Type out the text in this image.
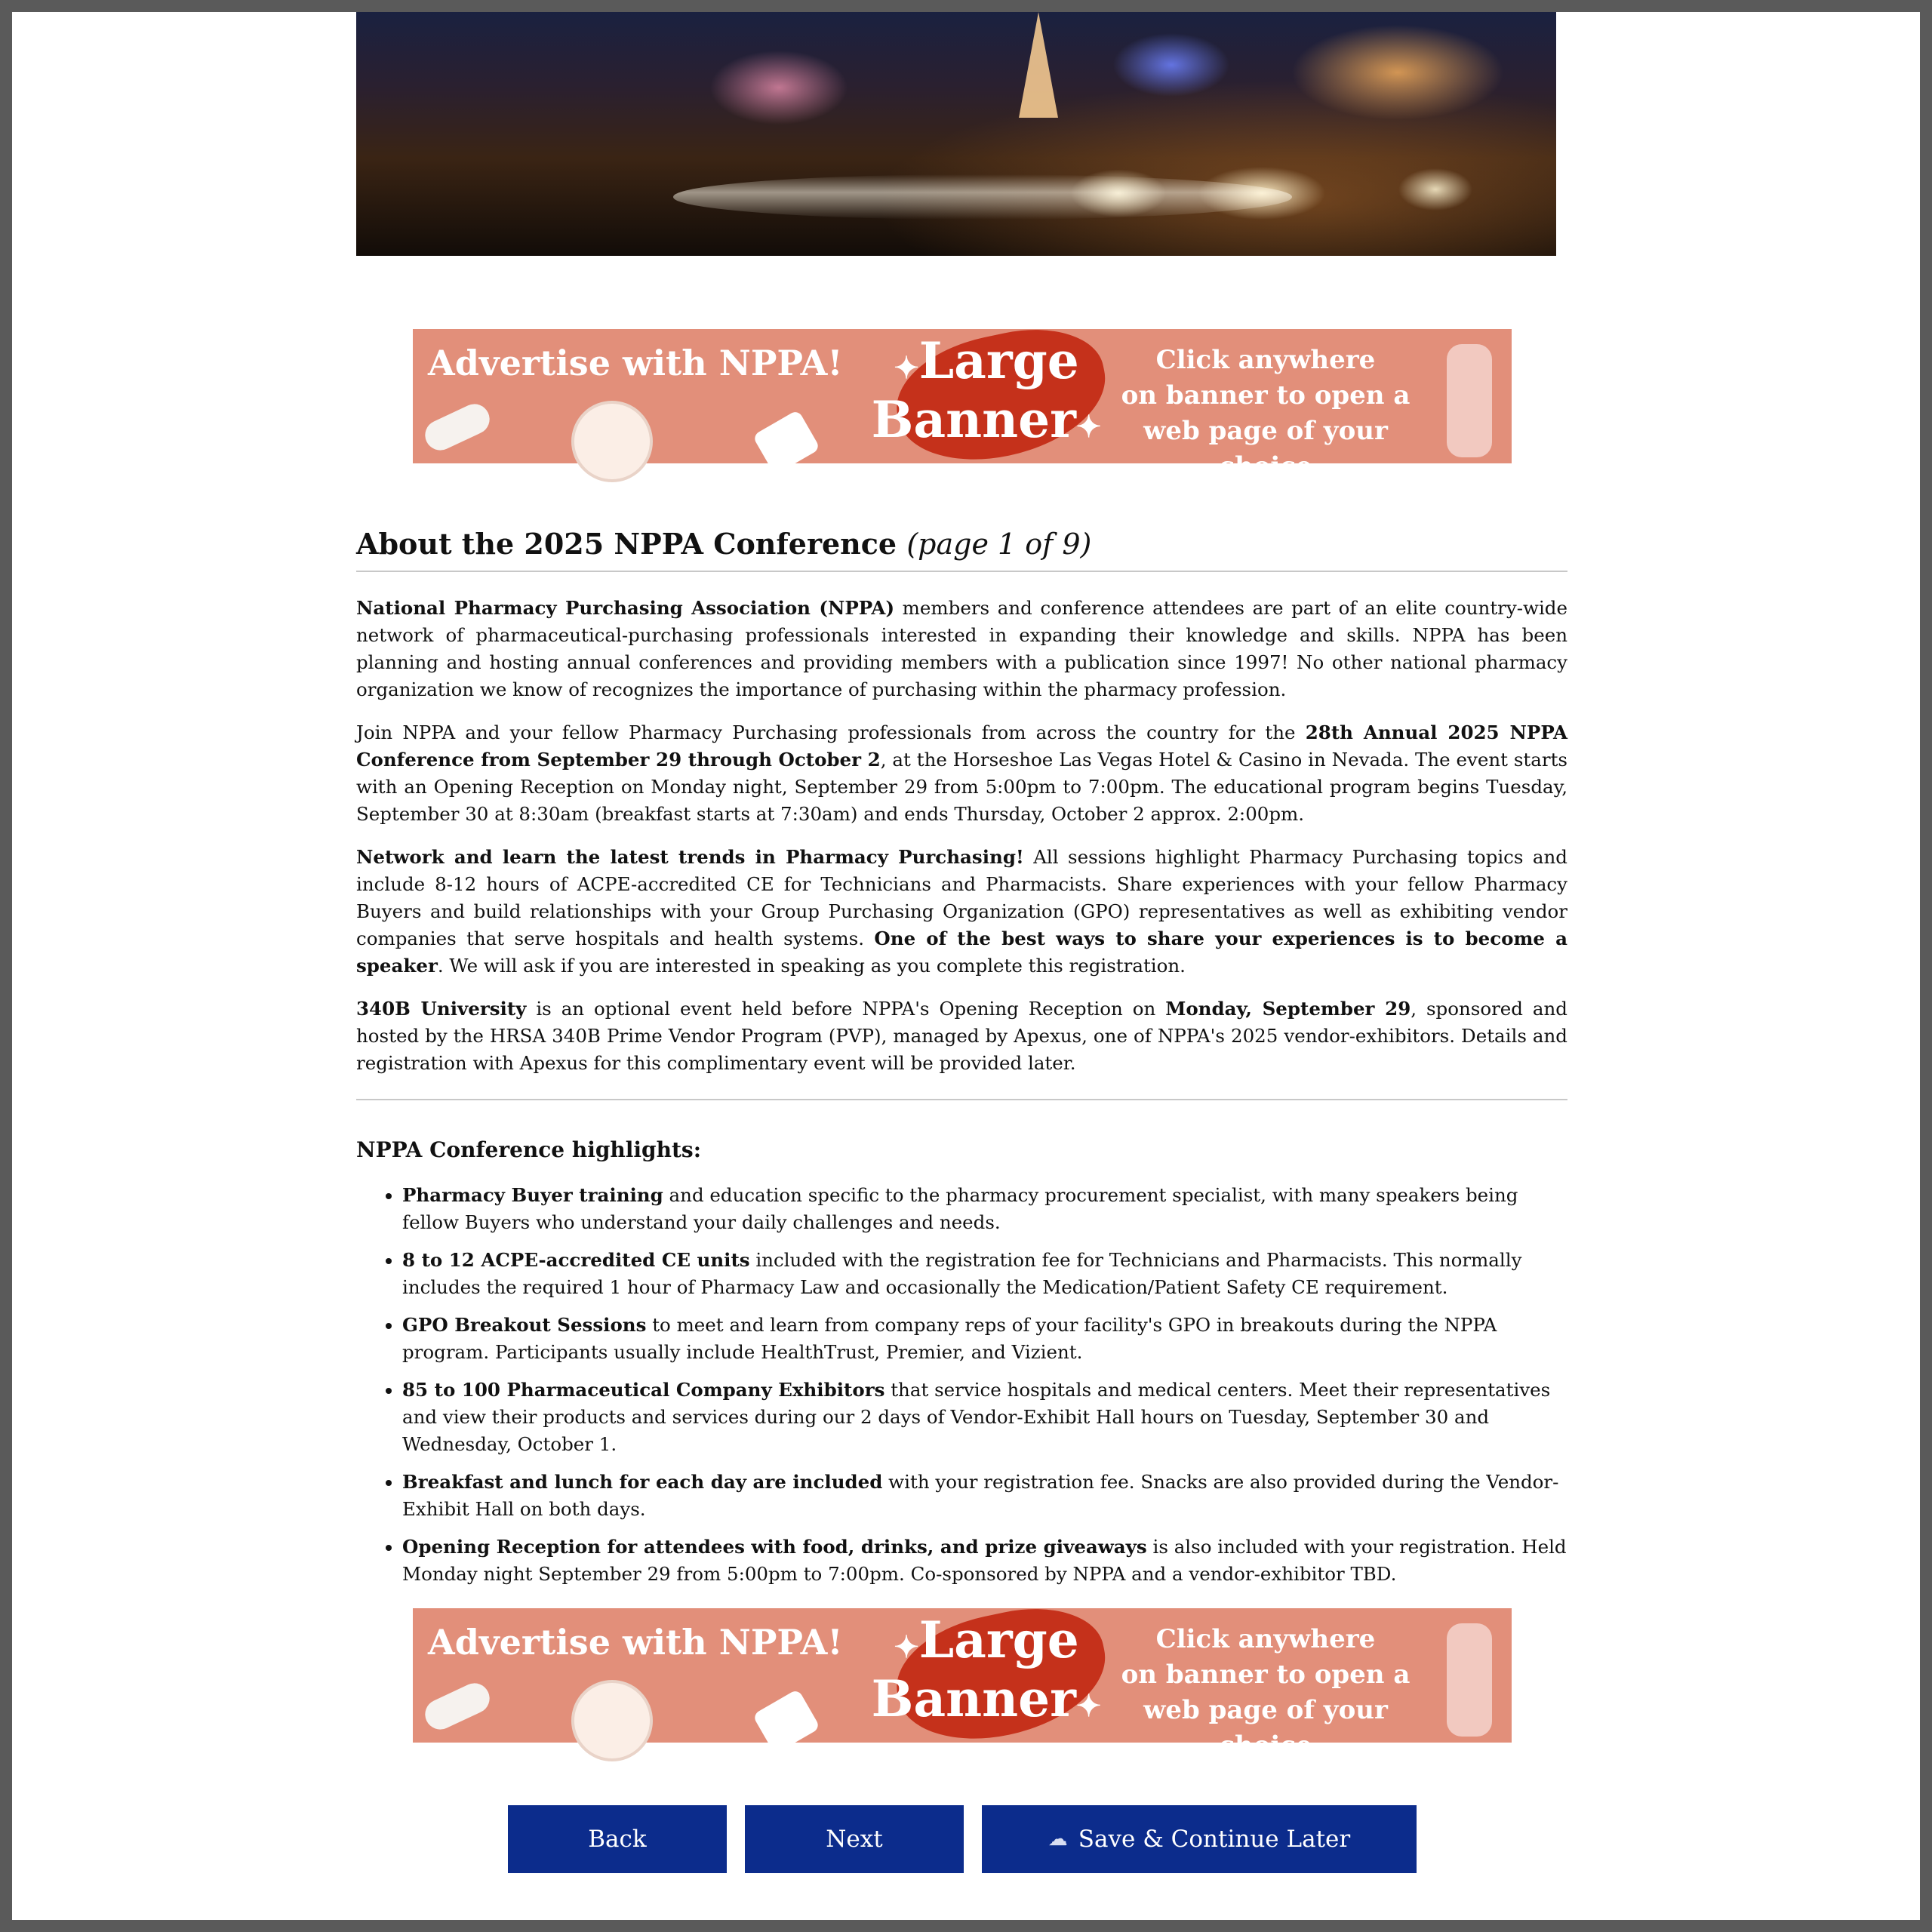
Advertise with NPPA!	✦Large
Banner✦
Click anywhere
on banner to open a
web page of your choice
About the 2025 NPPA Conference (page 1 of 9)

National Pharmacy Purchasing Association (NPPA) members and conference attendees are part of an elite country-wide network of pharmaceutical-purchasing professionals interested in expanding their knowledge and skills. NPPA has been planning and hosting annual conferences and providing members with a publication since 1997! No other national pharmacy organization we know of recognizes the importance of purchasing within the pharmacy profession.

Join NPPA and your fellow Pharmacy Purchasing professionals from across the country for the 28th Annual 2025 NPPA Conference from September 29 through October 2, at the Horseshoe Las Vegas Hotel & Casino in Nevada. The event starts with an Opening Reception on Monday night, September 29 from 5:00pm to 7:00pm. The educational program begins Tuesday, September 30 at 8:30am (breakfast starts at 7:30am) and ends Thursday, October 2 approx. 2:00pm.

Network and learn the latest trends in Pharmacy Purchasing! All sessions highlight Pharmacy Purchasing topics and include 8-12 hours of ACPE-accredited CE for Technicians and Pharmacists. Share experiences with your fellow Pharmacy Buyers and build relationships with your Group Purchasing Organization (GPO) representatives as well as exhibiting vendor companies that serve hospitals and health systems. One of the best ways to share your experiences is to become a speaker. We will ask if you are interested in speaking as you complete this registration.

340B University is an optional event held before NPPA's Opening Reception on Monday, September 29, sponsored and hosted by the HRSA 340B Prime Vendor Program (PVP), managed by Apexus, one of NPPA's 2025 vendor-exhibitors. Details and registration with Apexus for this complimentary event will be provided later.

NPPA Conference highlights:
• Pharmacy Buyer training and education specific to the pharmacy procurement specialist, with many speakers being fellow Buyers who understand your daily challenges and needs.
• 8 to 12 ACPE-accredited CE units included with the registration fee for Technicians and Pharmacists. This normally includes the required 1 hour of Pharmacy Law and occasionally the Medication/Patient Safety CE requirement.
• GPO Breakout Sessions to meet and learn from company reps of your facility's GPO in breakouts during the NPPA program. Participants usually include HealthTrust, Premier, and Vizient.
• 85 to 100 Pharmaceutical Company Exhibitors that service hospitals and medical centers. Meet their representatives and view their products and services during our 2 days of Vendor-Exhibit Hall hours on Tuesday, September 30 and Wednesday, October 1.
• Breakfast and lunch for each day are included with your registration fee. Snacks are also provided during the Vendor-Exhibit Hall on both days.
• Opening Reception for attendees with food, drinks, and prize giveaways is also included with your registration. Held Monday night September 29 from 5:00pm to 7:00pm. Co-sponsored by NPPA and a vendor-exhibitor TBD.
Advertise with NPPA!	✦Large
Banner✦
Click anywhere
on banner to open a
web page of your choice
Back	Next	☁ Save & Continue Later
